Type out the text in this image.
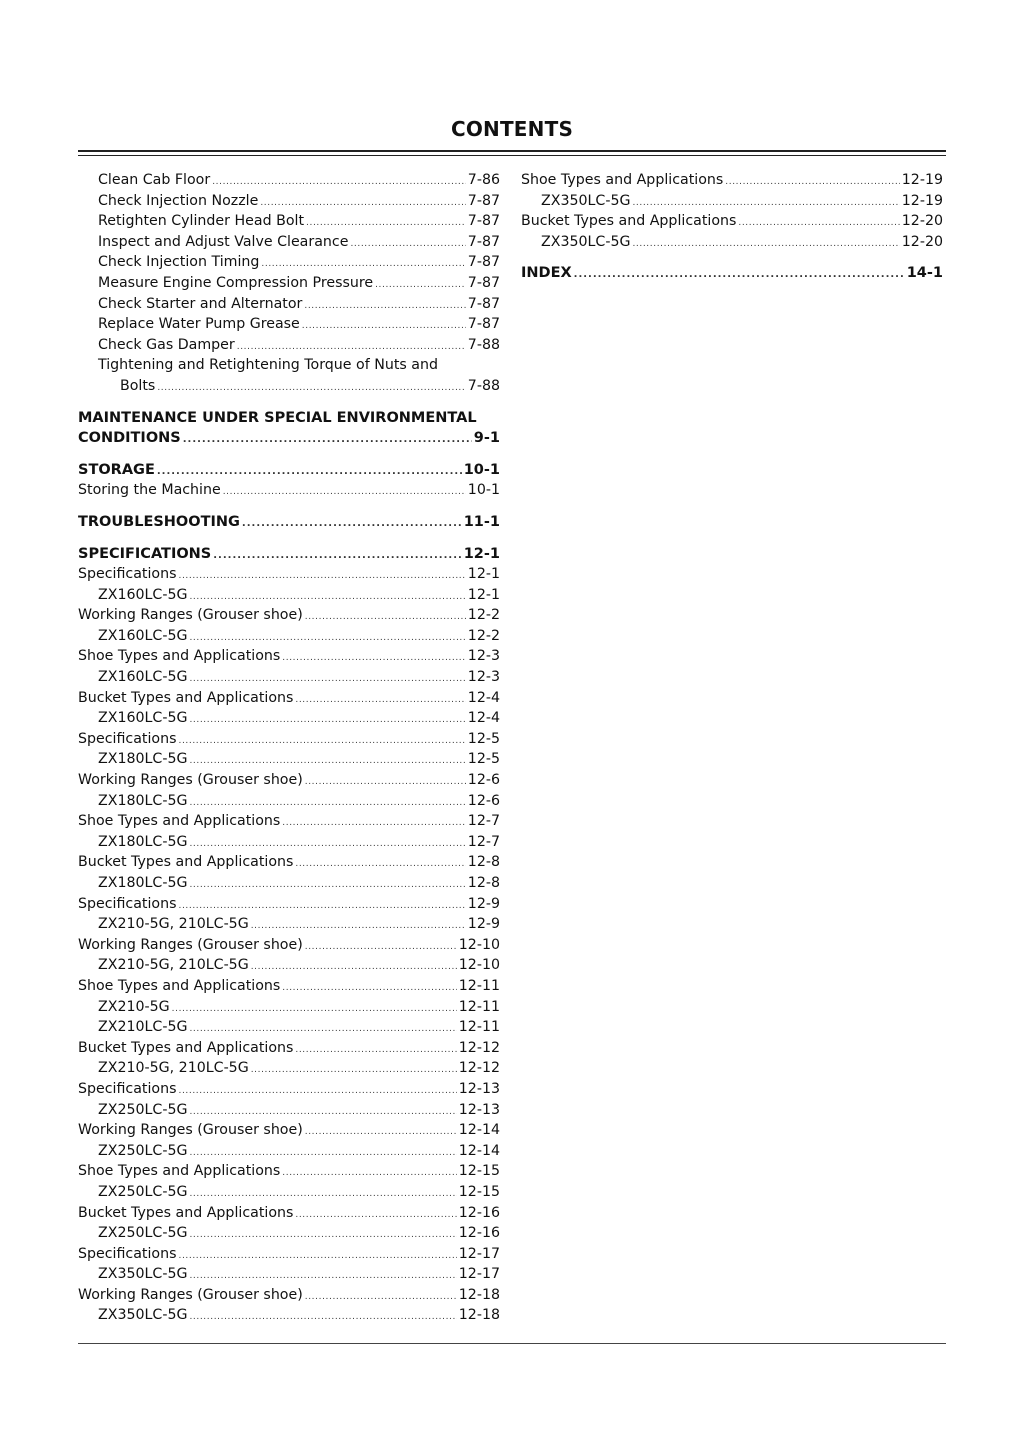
CONTENTS
Clean Cab Floor .....	7-86
Check Injection Nozzle .....	7-87
Retighten Cylinder Head Bolt .....	7-87
Inspect and Adjust Valve Clearance .....	7-87
Check Injection Timing .....	7-87
Measure Engine Compression Pressure .....	7-87
Check Starter and Alternator .....	7-87
Replace Water Pump Grease .....	7-87
Check Gas Damper .....	7-88
Tightening and Retightening Torque of Nuts and
Bolts .....	7-88
MAINTENANCE UNDER SPECIAL ENVIRONMENTAL
CONDITIONS .....	9-1
STORAGE .....	10-1
Storing the Machine .....	10-1
TROUBLESHOOTING .....	11-1
SPECIFICATIONS .....	12-1
Specifications .....	12-1
ZX160LC-5G .....	12-1
Working Ranges (Grouser shoe) .....	12-2
ZX160LC-5G .....	12-2
Shoe Types and Applications .....	12-3
ZX160LC-5G .....	12-3
Bucket Types and Applications .....	12-4
ZX160LC-5G .....	12-4
Specifications .....	12-5
ZX180LC-5G .....	12-5
Working Ranges (Grouser shoe) .....	12-6
ZX180LC-5G .....	12-6
Shoe Types and Applications .....	12-7
ZX180LC-5G .....	12-7
Bucket Types and Applications .....	12-8
ZX180LC-5G .....	12-8
Specifications .....	12-9
ZX210-5G, 210LC-5G .....	12-9
Working Ranges (Grouser shoe) .....	12-10
ZX210-5G, 210LC-5G .....	12-10
Shoe Types and Applications .....	12-11
ZX210-5G .....	12-11
ZX210LC-5G .....	12-11
Bucket Types and Applications .....	12-12
ZX210-5G, 210LC-5G .....	12-12
Specifications .....	12-13
ZX250LC-5G .....	12-13
Working Ranges (Grouser shoe) .....	12-14
ZX250LC-5G .....	12-14
Shoe Types and Applications .....	12-15
ZX250LC-5G .....	12-15
Bucket Types and Applications .....	12-16
ZX250LC-5G .....	12-16
Specifications .....	12-17
ZX350LC-5G .....	12-17
Working Ranges (Grouser shoe) .....	12-18
ZX350LC-5G .....	12-18
Shoe Types and Applications .....	12-19
ZX350LC-5G .....	12-19
Bucket Types and Applications .....	12-20
ZX350LC-5G .....	12-20
INDEX .....	14-1
